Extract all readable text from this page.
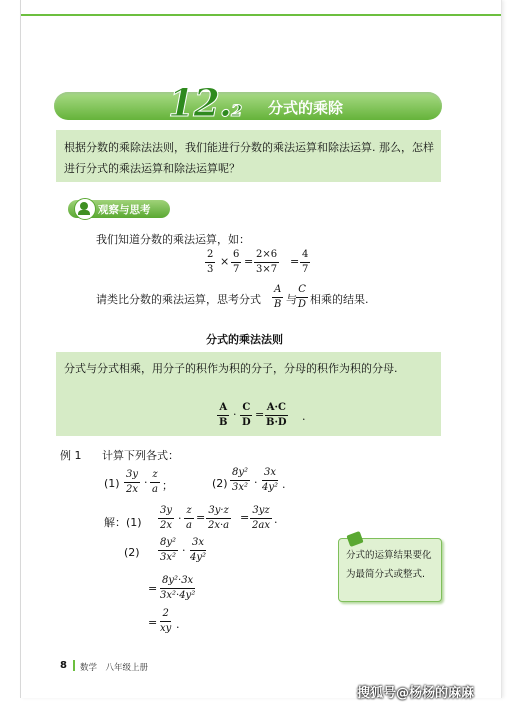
12.2 分式的乘除
根据分数的乘除法法则，我们能进行分数的乘法运算和除法运算. 那么，怎样进行分式的乘法运算和除法运算呢？
观察与思考
我们知道分数的乘法运算，如：
$\frac{2}{3} \times \frac{6}{7} = \frac{2\times 6}{3\times 7} = \frac{4}{7}$
请类比分数的乘法运算，思考分式 $\frac{A}{B}$ 与 $\frac{C}{D}$ 相乘的结果.
分式的乘法法则
分式与分式相乘，用分子的积作为积的分子，分母的积作为积的分母.
$\frac{A}{B} \cdot \frac{C}{D} = \frac{A\cdot C}{B\cdot D}$ .
例 1 计算下列各式：
$(1) \frac{3y}{2x} \cdot \frac{z}{a}$ ；	$(2) \frac{\text{8y²}}{\text{3x²}} \cdot \frac{3x}{\text{4y²}}$ .
解：$(1) \frac{3y}{2x} \cdot \frac{z}{a} = \frac{3y\cdot z}{2x\cdot a} = \frac{3yz}{2ax}$ .
$(2) \frac{\text{8y²}}{\text{3x²}} \cdot \frac{3x}{\text{4y²}}$
= $\frac{\text{8y²·3x}}{\text{3x²·4y²}}$
= $\frac{2}{xy}$ .
分式的运算结果要化为最简分式或整式.
8 数学　八年级上册
搜狐号@杨杨的麻麻
